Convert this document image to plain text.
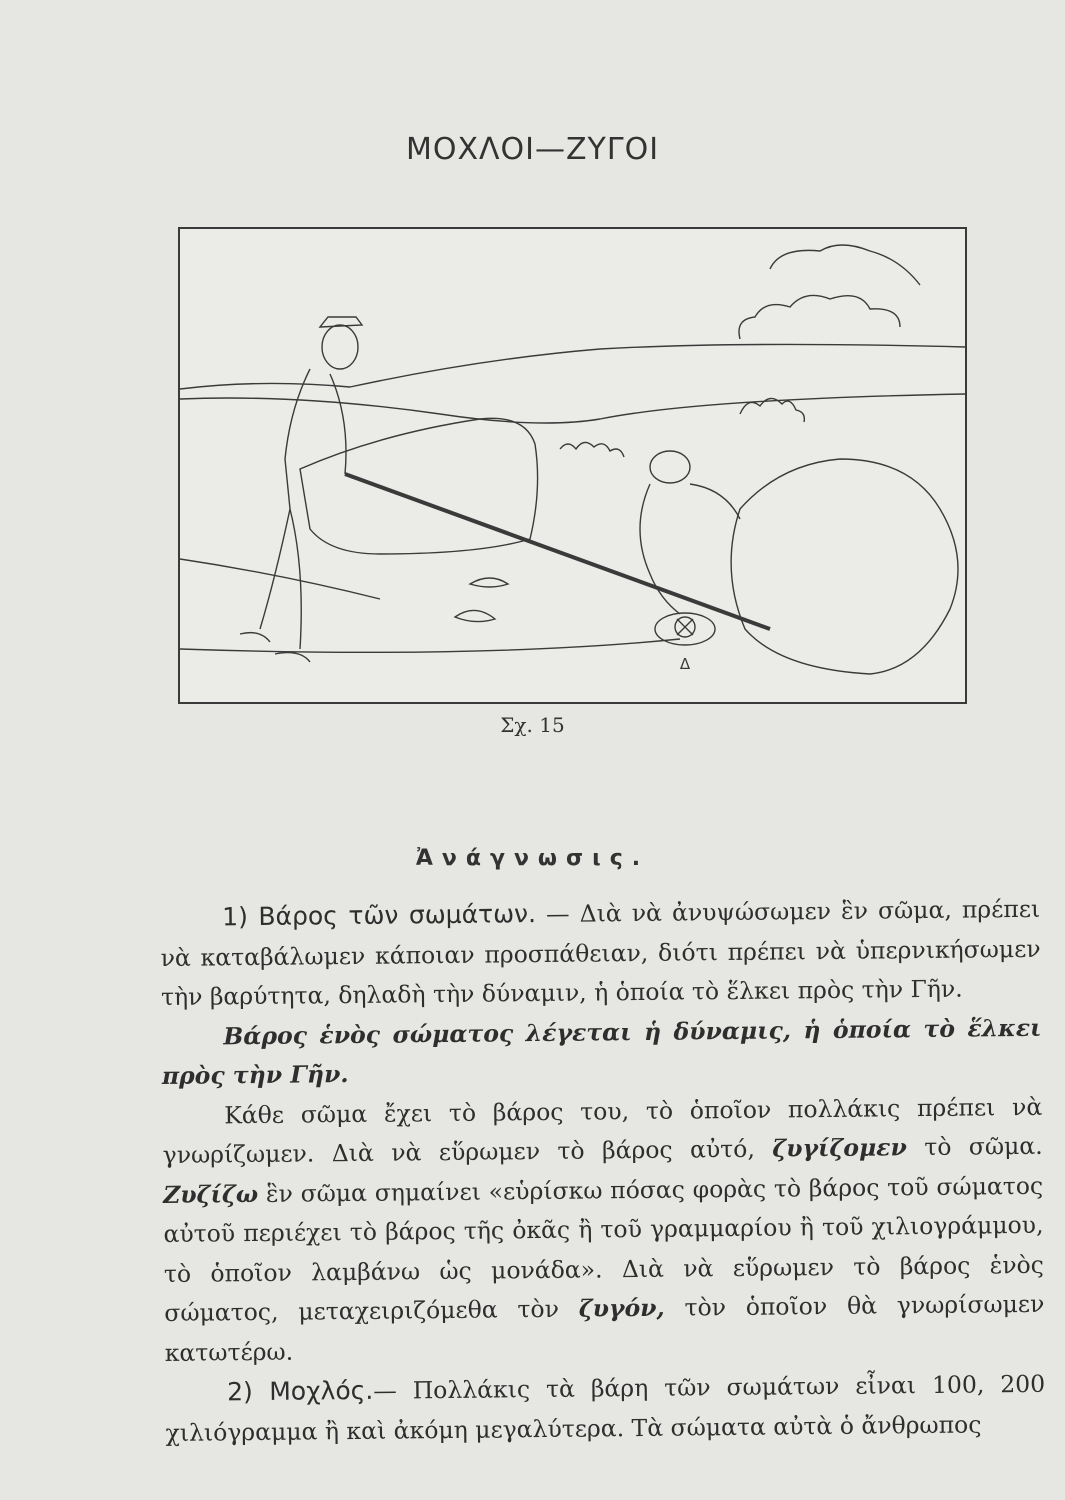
ΜΟΧΛΟΙ—ΖΥΓΟΙ
Δ
Σχ. 15
Ἀνάγνωσις.

1) Βάρος τῶν σωμάτων. — Διὰ νὰ ἀνυψώσωμεν ἓν σῶμα, πρέπει νὰ καταβάλωμεν κάποιαν προσπάθειαν, διότι πρέπει νὰ ὑπερνικήσωμεν τὴν βαρύτητα, δηλαδὴ τὴν δύναμιν, ἡ ὁποία τὸ ἕλκει πρὸς τὴν Γῆν.

Βάρος ἑνὸς σώματος λέγεται ἡ δύναμις, ἡ ὁποία τὸ ἕλκει πρὸς τὴν Γῆν.

Κάθε σῶμα ἔχει τὸ βάρος του, τὸ ὁποῖον πολλάκις πρέπει νὰ γνωρίζωμεν. Διὰ νὰ εὕρωμεν τὸ βάρος αὐτό, ζυγίζομεν τὸ σῶμα. Ζυζίζω ἓν σῶμα σημαίνει «εὑρίσκω πόσας φορὰς τὸ βάρος τοῦ σώματος αὐτοῦ περιέχει τὸ βάρος τῆς ὀκᾶς ἢ τοῦ γραμμαρίου ἢ τοῦ χιλιογράμμου, τὸ ὁποῖον λαμβάνω ὡς μονάδα». Διὰ νὰ εὕρωμεν τὸ βάρος ἑνὸς σώματος, μεταχειριζόμεθα τὸν ζυγόν, τὸν ὁποῖον θὰ γνωρίσωμεν κατωτέρω.

2) Μοχλός.— Πολλάκις τὰ βάρη τῶν σωμάτων εἶναι 100, 200 χιλιόγραμμα ἢ καὶ ἀκόμη μεγαλύτερα. Τὰ σώματα αὐτὰ ὁ ἄνθρωπος
